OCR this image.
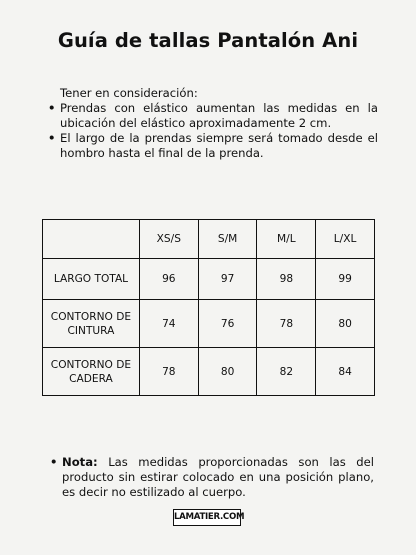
Guía de tallas Pantalón Ani
Tener en consideración:
• Prendas con elástico aumentan las medidas en la ubicación del elástico aproximadamente 2 cm.
• El largo de la prendas siempre será tomado desde el hombro hasta el final de la prenda.
	XS/S	S/M	M/L	L/XL
LARGO TOTAL	96	97	98	99
CONTORNO DE CINTURA	74	76	78	80
CONTORNO DE CADERA	78	80	82	84
• Nota: Las medidas proporcionadas son las del producto sin estirar colocado en una posición plano, es decir no estilizado al cuerpo.
LAMATIER.COM
